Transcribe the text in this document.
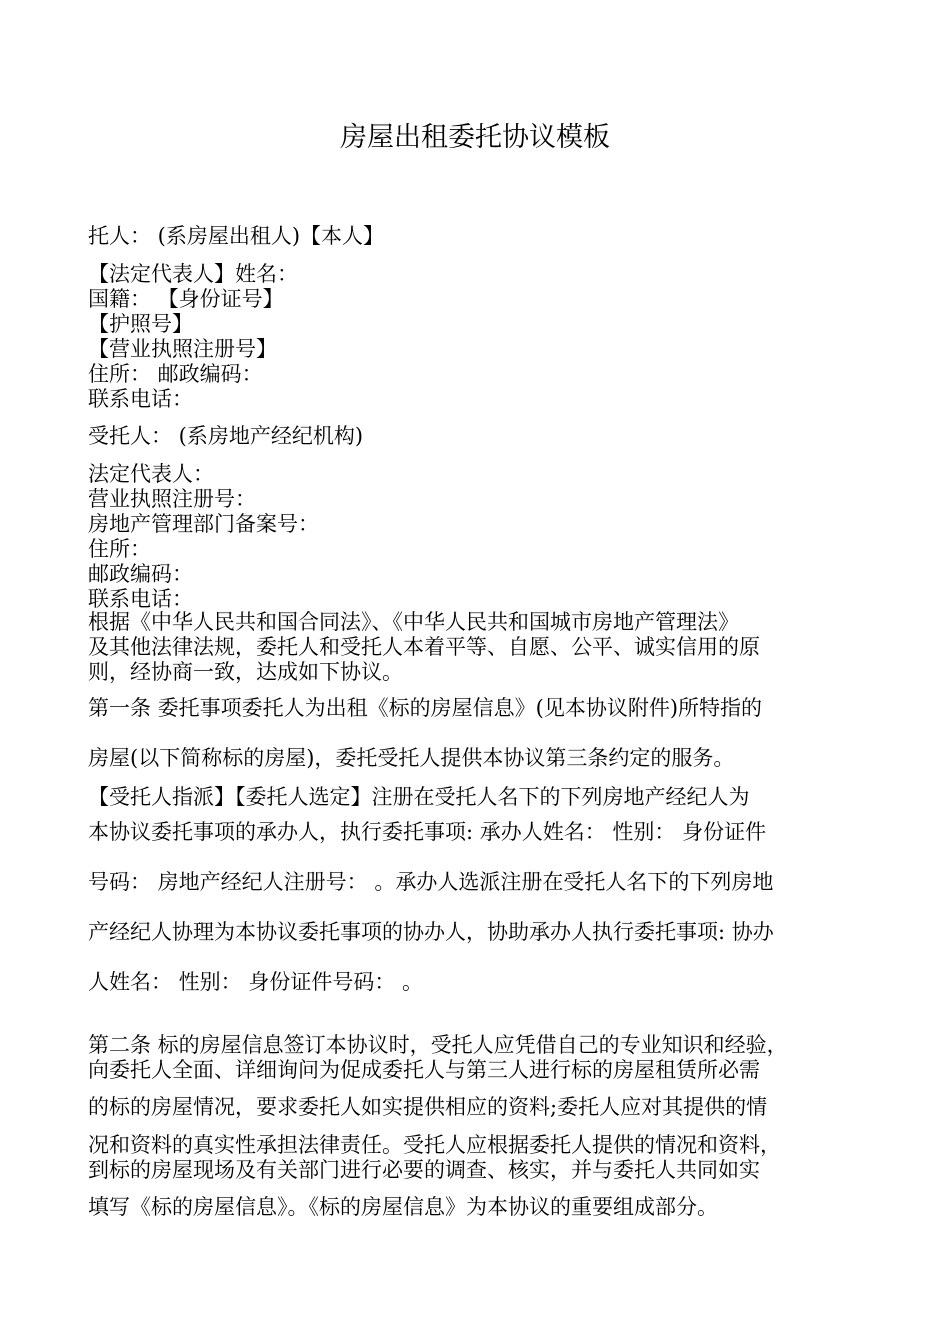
房屋出租委托协议模板

托人： (系房屋出租人)【本人】

【法定代表人】姓名：

国籍： 【身份证号】

【护照号】

【营业执照注册号】

住所： 邮政编码：

联系电话：

受托人： (系房地产经纪机构)

法定代表人：

营业执照注册号：

房地产管理部门备案号：

住所：

邮政编码：

联系电话：

根据《中华人民共和国合同法》、《中华人民共和国城市房地产管理法》

及其他法律法规，委托人和受托人本着平等、自愿、公平、诚实信用的原

则，经协商一致，达成如下协议。

第一条 委托事项委托人为出租《标的房屋信息》(见本协议附件)所特指的

房屋(以下简称标的房屋)，委托受托人提供本协议第三条约定的服务。

【受托人指派】【委托人选定】注册在受托人名下的下列房地产经纪人为

本协议委托事项的承办人，执行委托事项: 承办人姓名： 性别： 身份证件

号码： 房地产经纪人注册号： 。承办人选派注册在受托人名下的下列房地

产经纪人协理为本协议委托事项的协办人，协助承办人执行委托事项: 协办

人姓名： 性别： 身份证件号码： 。

第二条 标的房屋信息签订本协议时，受托人应凭借自己的专业知识和经验，

向委托人全面、详细询问为促成委托人与第三人进行标的房屋租赁所必需

的标的房屋情况，要求委托人如实提供相应的资料;委托人应对其提供的情

况和资料的真实性承担法律责任。受托人应根据委托人提供的情况和资料，

到标的房屋现场及有关部门进行必要的调查、核实，并与委托人共同如实

填写《标的房屋信息》。《标的房屋信息》为本协议的重要组成部分。
